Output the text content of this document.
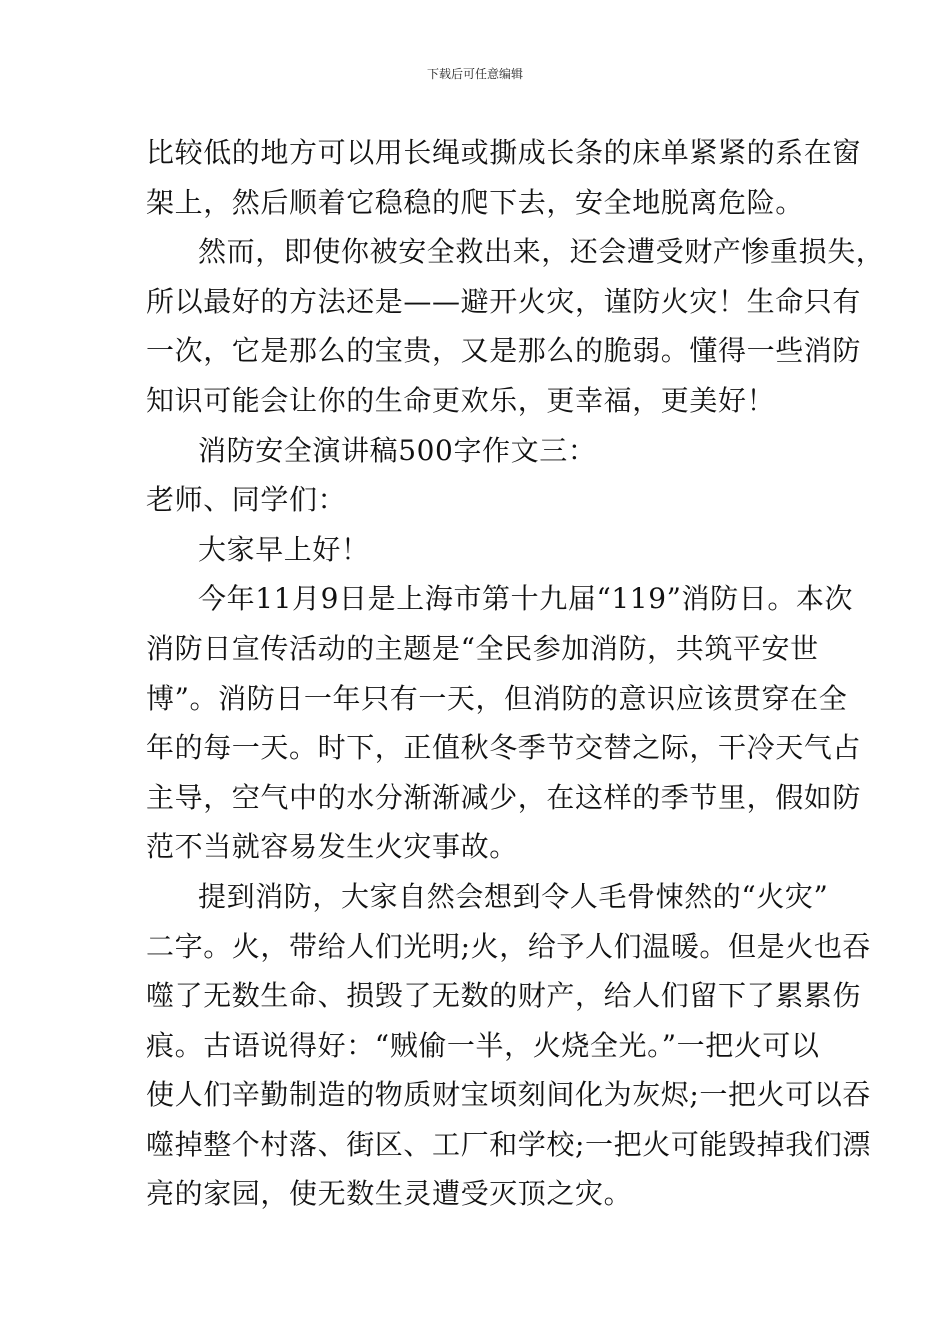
下载后可任意编辑
比较低的地方可以用长绳或撕成长条的床单紧紧的系在窗
架上，然后顺着它稳稳的爬下去，安全地脱离危险。
然而，即使你被安全救出来，还会遭受财产惨重损失，
所以最好的方法还是——避开火灾，谨防火灾！生命只有
一次，它是那么的宝贵，又是那么的脆弱。懂得一些消防
知识可能会让你的生命更欢乐，更幸福，更美好！
消防安全演讲稿500字作文三：
老师、同学们：
大家早上好！
今年11月9日是上海市第十九届“119”消防日。本次
消防日宣传活动的主题是“全民参加消防，共筑平安世
博”。消防日一年只有一天，但消防的意识应该贯穿在全
年的每一天。时下，正值秋冬季节交替之际，干冷天气占
主导，空气中的水分渐渐减少，在这样的季节里，假如防
范不当就容易发生火灾事故。
提到消防，大家自然会想到令人毛骨悚然的“火灾”
二字。火，带给人们光明;火，给予人们温暖。但是火也吞
噬了无数生命、损毁了无数的财产，给人们留下了累累伤
痕。古语说得好：“贼偷一半，火烧全光。”一把火可以
使人们辛勤制造的物质财宝顷刻间化为灰烬;一把火可以吞
噬掉整个村落、街区、工厂和学校;一把火可能毁掉我们漂
亮的家园，使无数生灵遭受灭顶之灾。
